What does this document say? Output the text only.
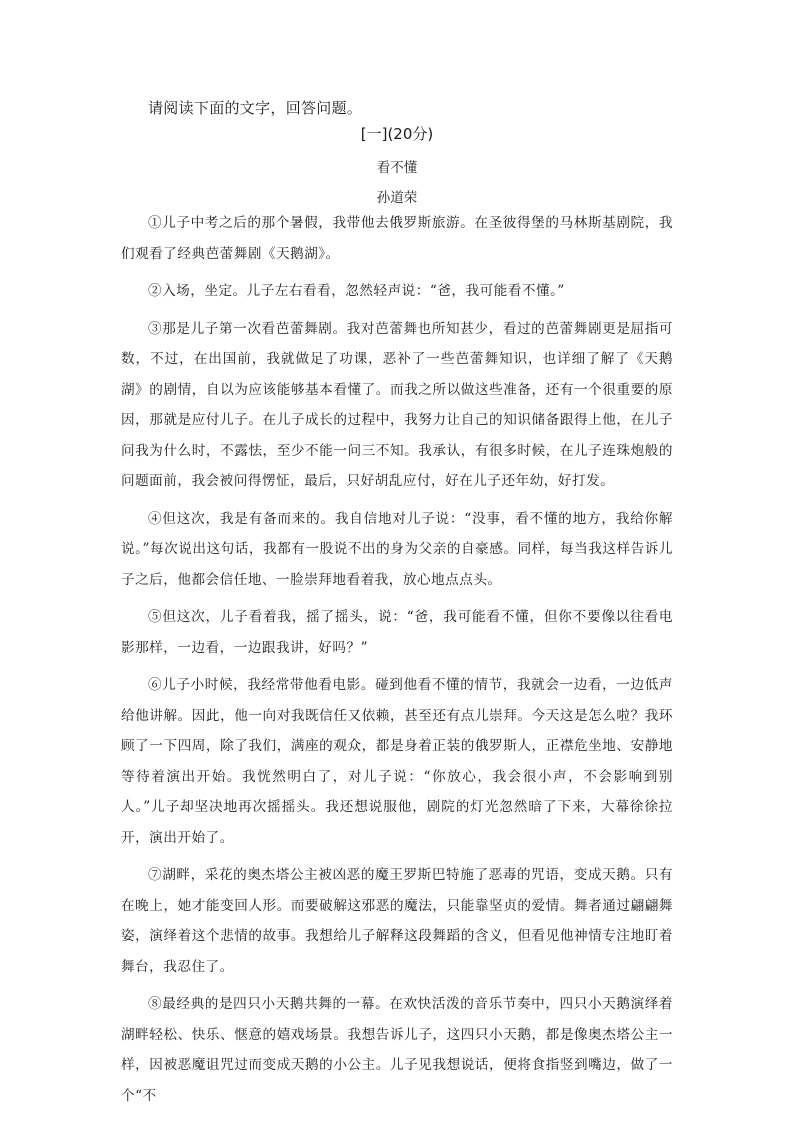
请阅读下面的文字，回答问题。
[一](20分)
看不懂
孙道荣

①儿子中考之后的那个暑假，我带他去俄罗斯旅游。在圣彼得堡的马林斯基剧院，我们观看了经典芭蕾舞剧《天鹅湖》。

②入场，坐定。儿子左右看看，忽然轻声说：“爸，我可能看不懂。”

③那是儿子第一次看芭蕾舞剧。我对芭蕾舞也所知甚少，看过的芭蕾舞剧更是屈指可数，不过，在出国前，我就做足了功课，恶补了一些芭蕾舞知识，也详细了解了《天鹅湖》的剧情，自以为应该能够基本看懂了。而我之所以做这些准备，还有一个很重要的原因，那就是应付儿子。在儿子成长的过程中，我努力让自己的知识储备跟得上他，在儿子问我为什么时，不露怯，至少不能一问三不知。我承认，有很多时候，在儿子连珠炮般的问题面前，我会被问得愣怔，最后，只好胡乱应付，好在儿子还年幼，好打发。

④但这次，我是有备而来的。我自信地对儿子说：“没事，看不懂的地方，我给你解说。”每次说出这句话，我都有一股说不出的身为父亲的自豪感。同样，每当我这样告诉儿子之后，他都会信任地、一脸崇拜地看着我，放心地点点头。

⑤但这次，儿子看着我，摇了摇头，说：“爸，我可能看不懂，但你不要像以往看电影那样，一边看，一边跟我讲，好吗？”

⑥儿子小时候，我经常带他看电影。碰到他看不懂的情节，我就会一边看，一边低声给他讲解。因此，他一向对我既信任又依赖，甚至还有点儿崇拜。今天这是怎么啦？我环顾了一下四周，除了我们，满座的观众，都是身着正装的俄罗斯人，正襟危坐地、安静地等待着演出开始。我恍然明白了，对儿子说：“你放心，我会很小声，不会影响到别人。”儿子却坚决地再次摇摇头。我还想说服他，剧院的灯光忽然暗了下来，大幕徐徐拉开，演出开始了。

⑦湖畔，采花的奥杰塔公主被凶恶的魔王罗斯巴特施了恶毒的咒语，变成天鹅。只有在晚上，她才能变回人形。而要破解这邪恶的魔法，只能靠坚贞的爱情。舞者通过翩翩舞姿，演绎着这个悲情的故事。我想给儿子解释这段舞蹈的含义，但看见他神情专注地盯着舞台，我忍住了。

⑧最经典的是四只小天鹅共舞的一幕。在欢快活泼的音乐节奏中，四只小天鹅演绎着湖畔轻松、快乐、惬意的嬉戏场景。我想告诉儿子，这四只小天鹅，都是像奥杰塔公主一样，因被恶魔诅咒过而变成天鹅的小公主。儿子见我想说话，便将食指竖到嘴边，做了一个“不
